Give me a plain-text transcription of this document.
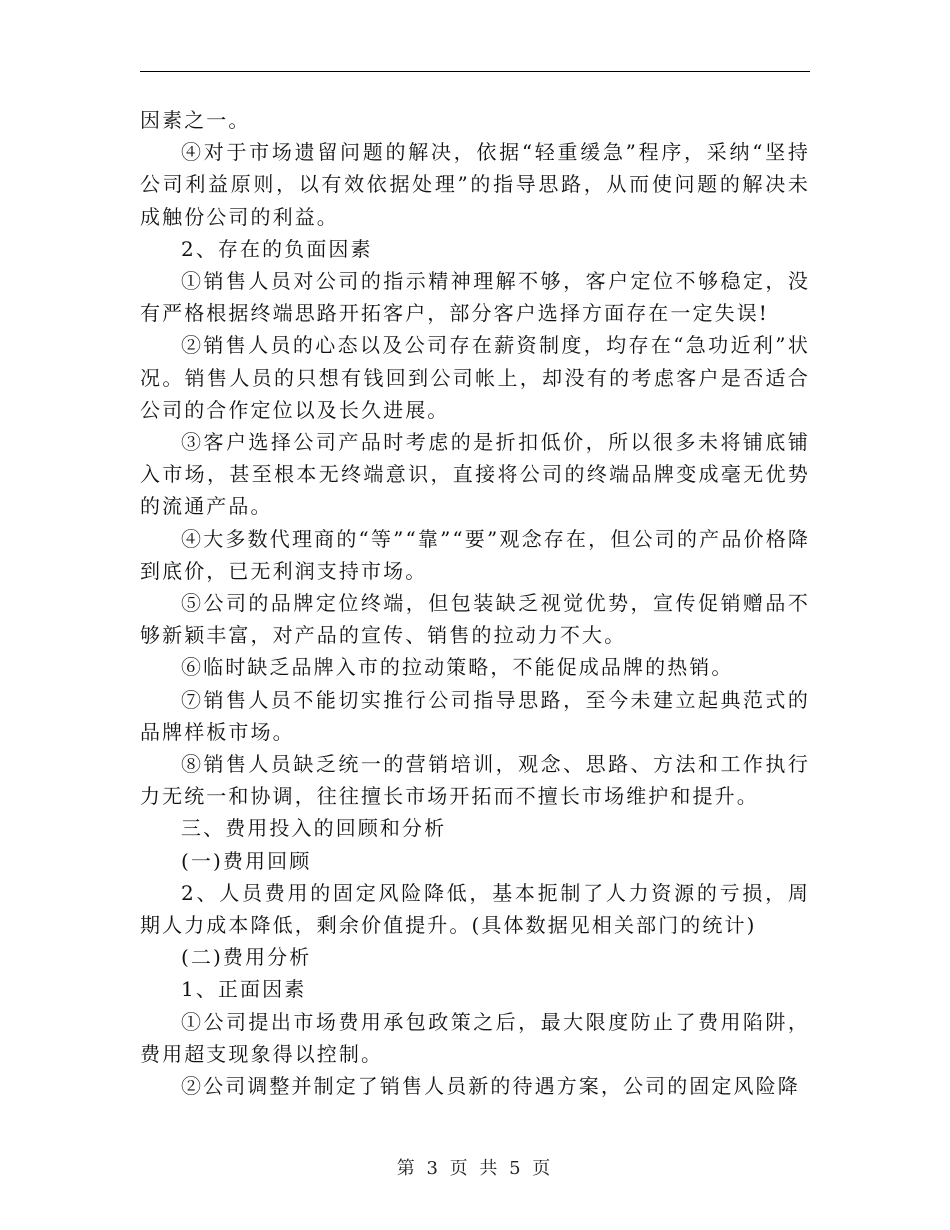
因素之一。

④对于市场遗留问题的解决，依据“轻重缓急”程序，采纳“坚持公司利益原则，以有效依据处理”的指导思路，从而使问题的解决未成触份公司的利益。

2、存在的负面因素

①销售人员对公司的指示精神理解不够，客户定位不够稳定，没有严格根据终端思路开拓客户，部分客户选择方面存在一定失误!

②销售人员的心态以及公司存在薪资制度，均存在“急功近利”状况。销售人员的只想有钱回到公司帐上，却没有的考虑客户是否适合公司的合作定位以及长久进展。

③客户选择公司产品时考虑的是折扣低价，所以很多未将铺底铺入市场，甚至根本无终端意识，直接将公司的终端品牌变成毫无优势的流通产品。

④大多数代理商的“等”“靠”“要”观念存在，但公司的产品价格降到底价，已无利润支持市场。

⑤公司的品牌定位终端，但包装缺乏视觉优势，宣传促销赠品不够新颖丰富，对产品的宣传、销售的拉动力不大。

⑥临时缺乏品牌入市的拉动策略，不能促成品牌的热销。

⑦销售人员不能切实推行公司指导思路，至今未建立起典范式的品牌样板市场。

⑧销售人员缺乏统一的营销培训，观念、思路、方法和工作执行力无统一和协调，往往擅长市场开拓而不擅长市场维护和提升。

三、费用投入的回顾和分析

(一)费用回顾

2、人员费用的固定风险降低，基本扼制了人力资源的亏损，周期人力成本降低，剩余价值提升。(具体数据见相关部门的统计)

(二)费用分析

1、正面因素

①公司提出市场费用承包政策之后，最大限度防止了费用陷阱，费用超支现象得以控制。

②公司调整并制定了销售人员新的待遇方案，公司的固定风险降

第 3 页 共 5 页
